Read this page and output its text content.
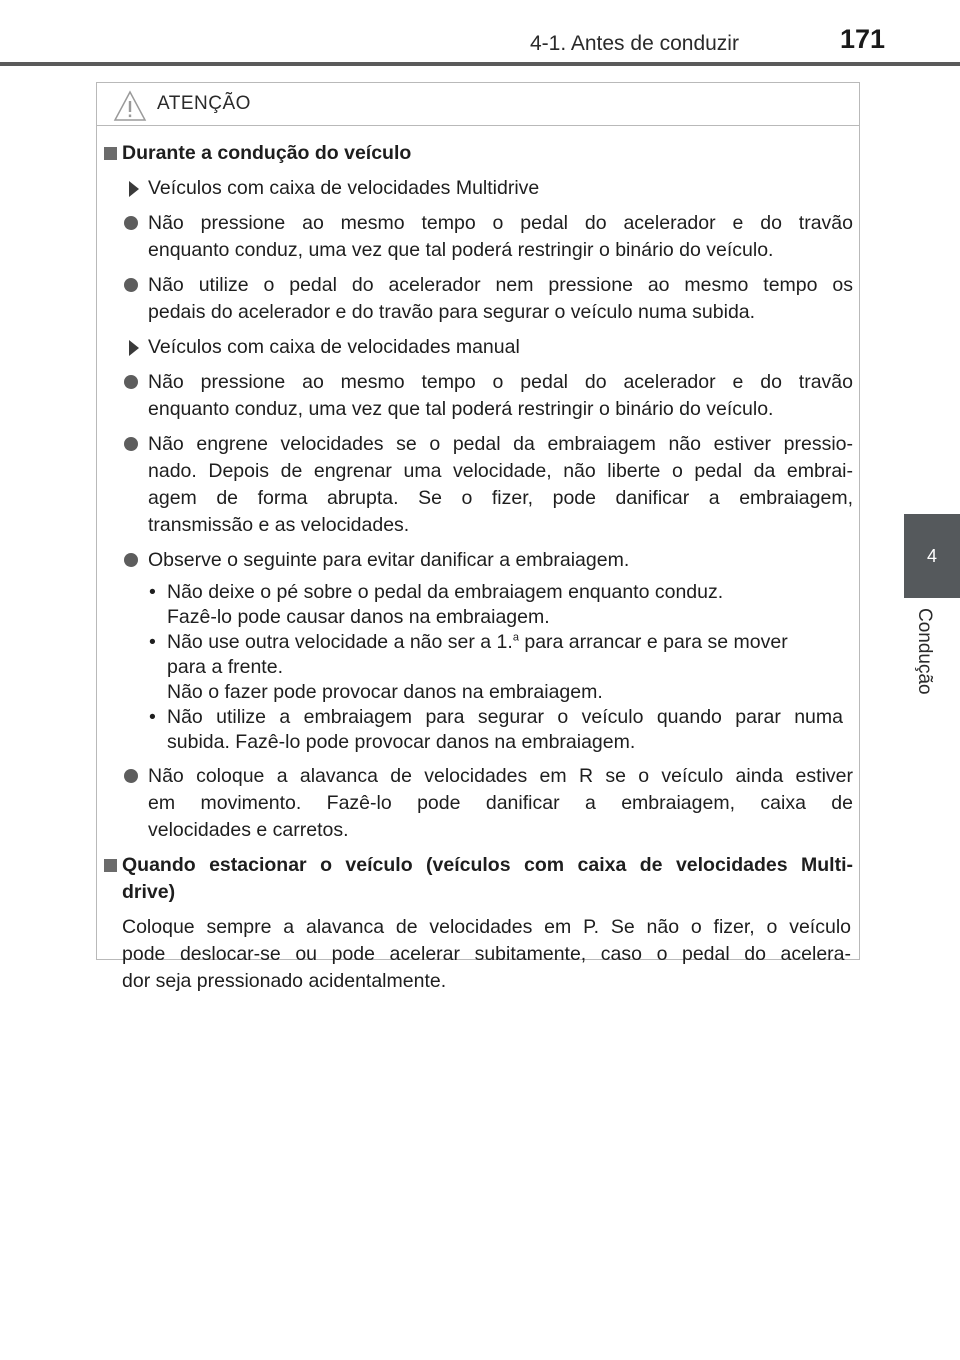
4-1. Antes de conduzir	171
4
Condução
ATENÇÃO
Durante a condução do veículo
Veículos com caixa de velocidades Multidrive
Não pressione ao mesmo tempo o pedal do acelerador e do travão
enquanto conduz, uma vez que tal poderá restringir o binário do veículo.
Não utilize o pedal do acelerador nem pressione ao mesmo tempo os
pedais do acelerador e do travão para segurar o veículo numa subida.
Veículos com caixa de velocidades manual
Não pressione ao mesmo tempo o pedal do acelerador e do travão
enquanto conduz, uma vez que tal poderá restringir o binário do veículo.
Não engrene velocidades se o pedal da embraiagem não estiver pressio-
nado. Depois de engrenar uma velocidade, não liberte o pedal da embrai-
agem de forma abrupta. Se o fizer, pode danificar a embraiagem,
transmissão e as velocidades.
Observe o seguinte para evitar danificar a embraiagem.
• Não deixe o pé sobre o pedal da embraiagem enquanto conduz.
Fazê-lo pode causar danos na embraiagem.
• Não use outra velocidade a não ser a 1.$^a$ para arrancar e para se mover
para a frente.
Não o fazer pode provocar danos na embraiagem.
• Não utilize a embraiagem para segurar o veículo quando parar numa
subida. Fazê-lo pode provocar danos na embraiagem.
Não coloque a alavanca de velocidades em R se o veículo ainda estiver
em movimento. Fazê-lo pode danificar a embraiagem, caixa de
velocidades e carretos.
Quando estacionar o veículo (veículos com caixa de velocidades Multi-
drive)
Coloque sempre a alavanca de velocidades em P. Se não o fizer, o veículo
pode deslocar-se ou pode acelerar subitamente, caso o pedal do acelera-
dor seja pressionado acidentalmente.
